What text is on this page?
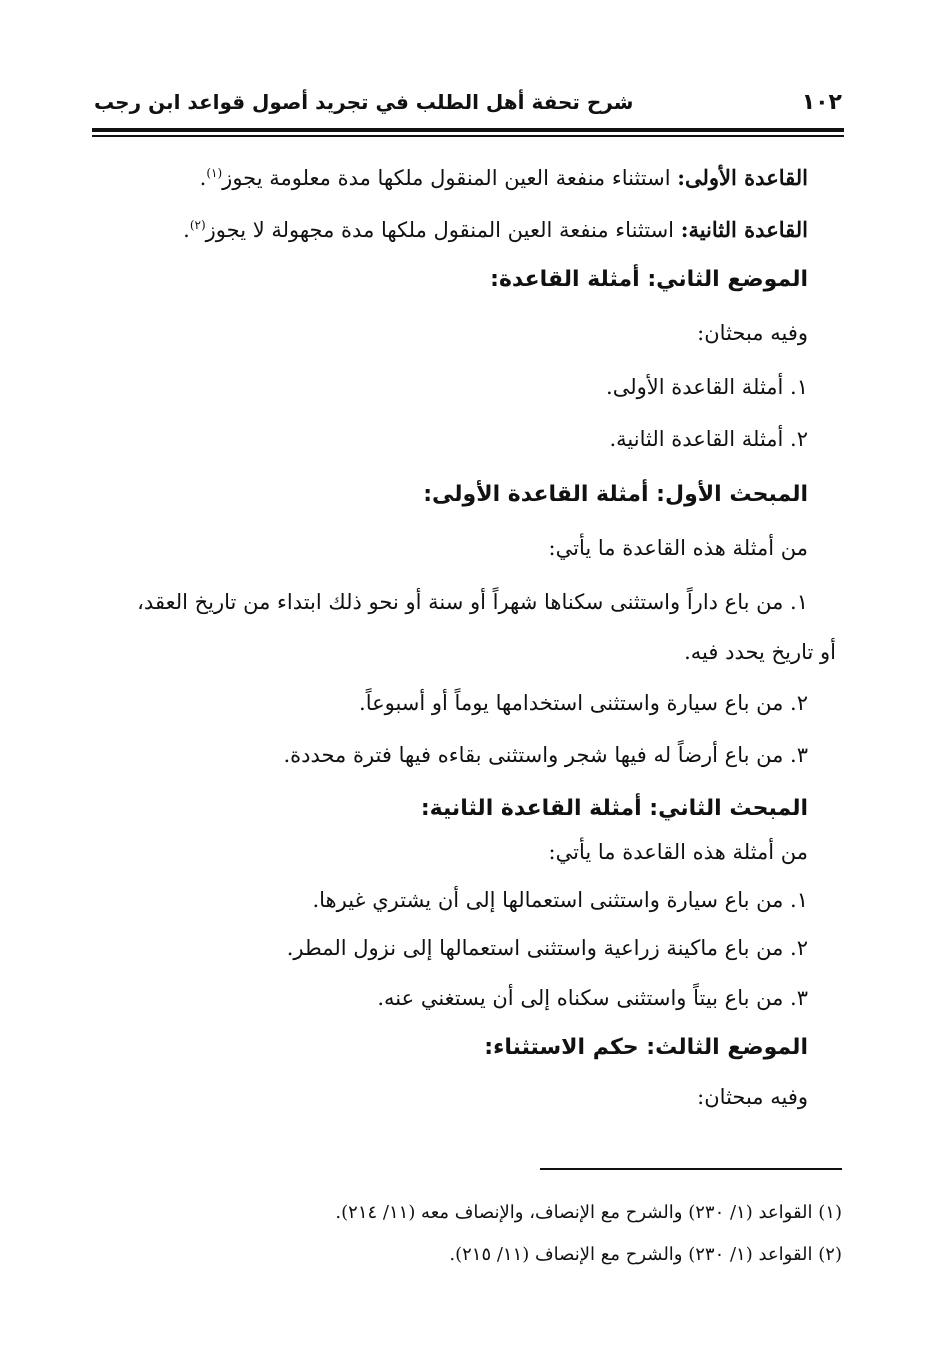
١٠٢
شرح تحفة أهل الطلب في تجريد أصول قواعد ابن رجب
القاعدة الأولى: استثناء منفعة العين المنقول ملكها مدة معلومة يجوز$^{(١)}$.
القاعدة الثانية: استثناء منفعة العين المنقول ملكها مدة مجهولة لا يجوز$^{(٢)}$.
الموضع الثاني: أمثلة القاعدة:
وفيه مبحثان:
١. أمثلة القاعدة الأولى.
٢. أمثلة القاعدة الثانية.
المبحث الأول: أمثلة القاعدة الأولى:
من أمثلة هذه القاعدة ما يأتي:
١. من باع داراً واستثنى سكناها شهراً أو سنة أو نحو ذلك ابتداء من تاريخ العقد،
أو تاريخ يحدد فيه.
٢. من باع سيارة واستثنى استخدامها يوماً أو أسبوعاً.
٣. من باع أرضاً له فيها شجر واستثنى بقاءه فيها فترة محددة.
المبحث الثاني: أمثلة القاعدة الثانية:
من أمثلة هذه القاعدة ما يأتي:
١. من باع سيارة واستثنى استعمالها إلى أن يشتري غيرها.
٢. من باع ماكينة زراعية واستثنى استعمالها إلى نزول المطر.
٣. من باع بيتاً واستثنى سكناه إلى أن يستغني عنه.
الموضع الثالث: حكم الاستثناء:
وفيه مبحثان:
(١) القواعد (١/ ٢٣٠) والشرح مع الإنصاف، والإنصاف معه (١١/ ٢١٤).
(٢) القواعد (١/ ٢٣٠) والشرح مع الإنصاف (١١/ ٢١٥).
